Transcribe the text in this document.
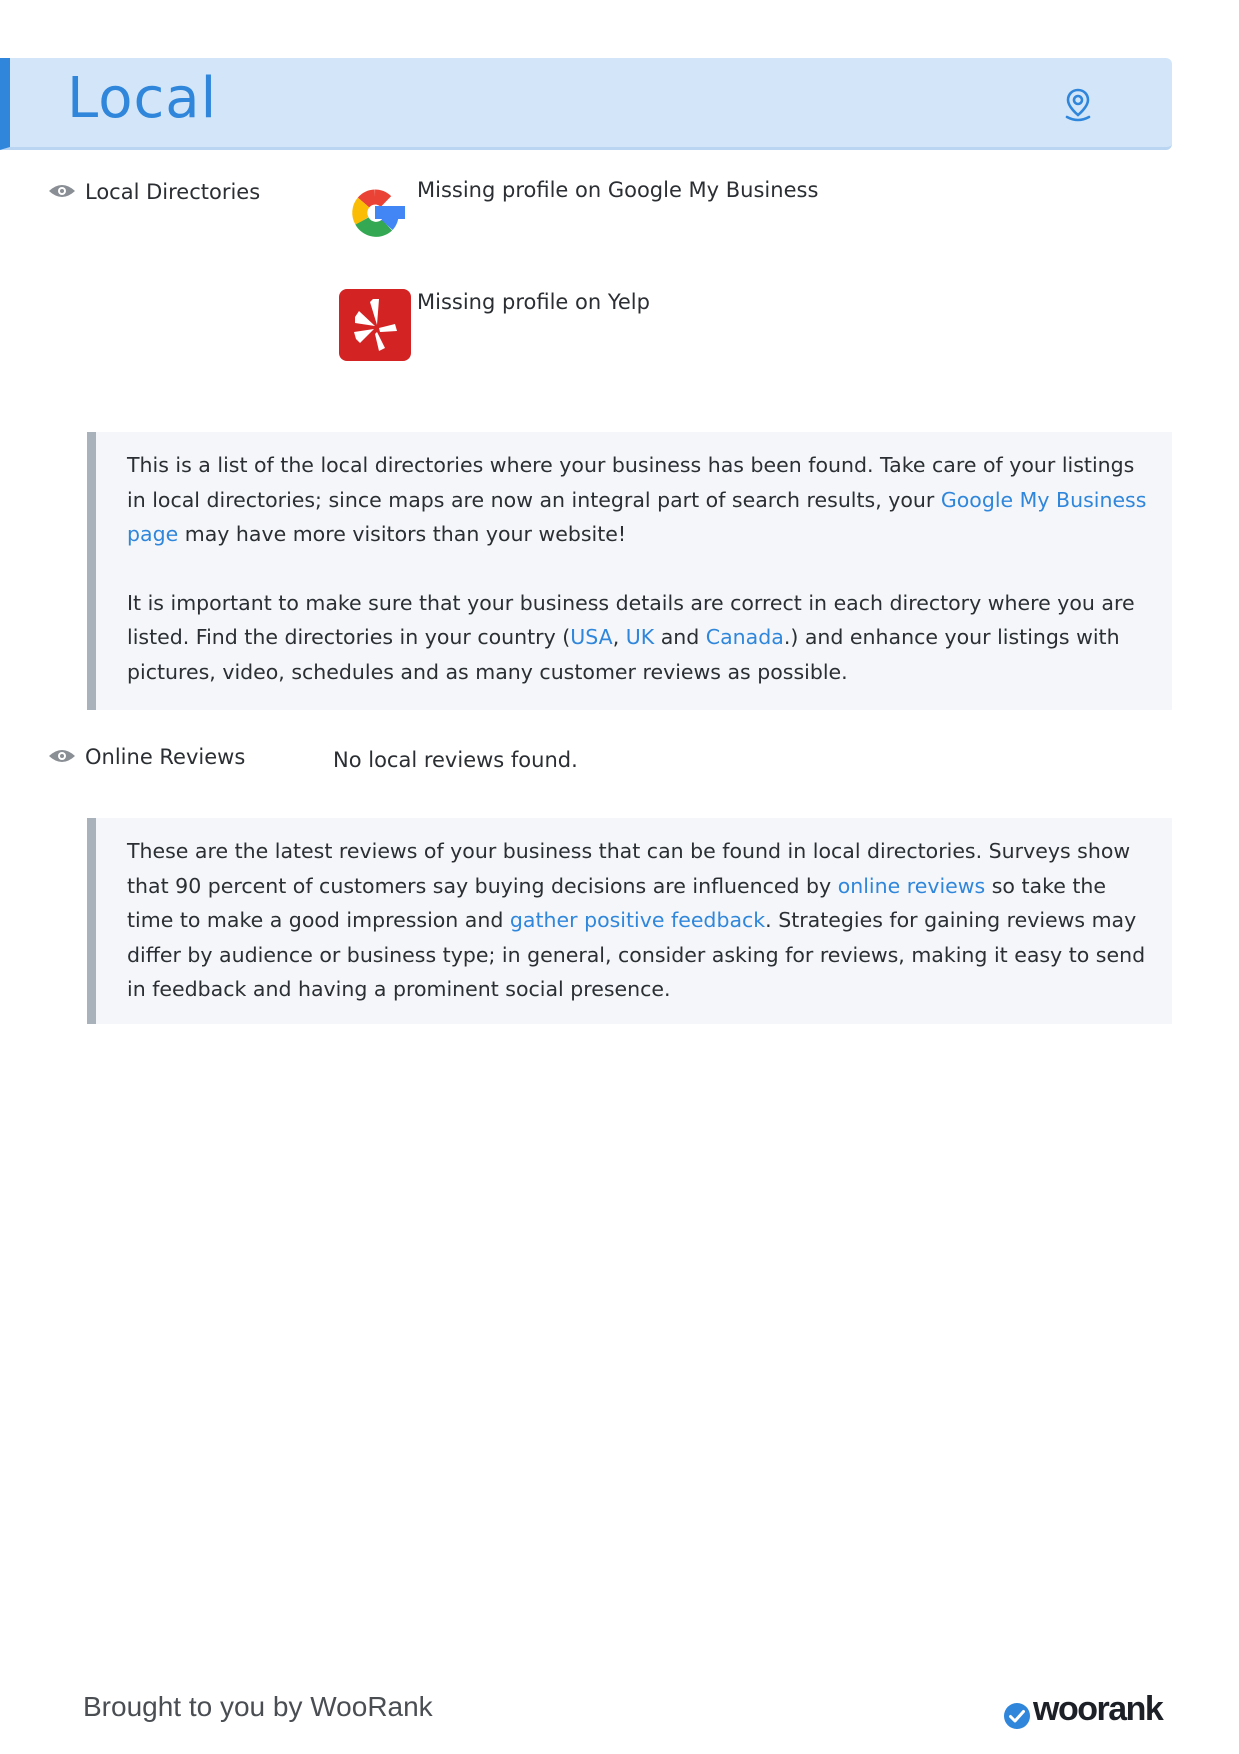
Local
Local Directories	Missing profile on Google My Business
Missing profile on Yelp

This is a list of the local directories where your business has been found. Take care of your listings in local directories; since maps are now an integral part of search results, your Google My Business page may have more visitors than your website!

It is important to make sure that your business details are correct in each directory where you are listed. Find the directories in your country (USA, UK and Canada.) and enhance your listings with pictures, video, schedules and as many customer reviews as possible.

Online Reviews	No local reviews found.

These are the latest reviews of your business that can be found in local directories. Surveys show that 90 percent of customers say buying decisions are influenced by online reviews so take the time to make a good impression and gather positive feedback. Strategies for gaining reviews may differ by audience or business type; in general, consider asking for reviews, making it easy to send in feedback and having a prominent social presence.

Brought to you by WooRank	woorank
